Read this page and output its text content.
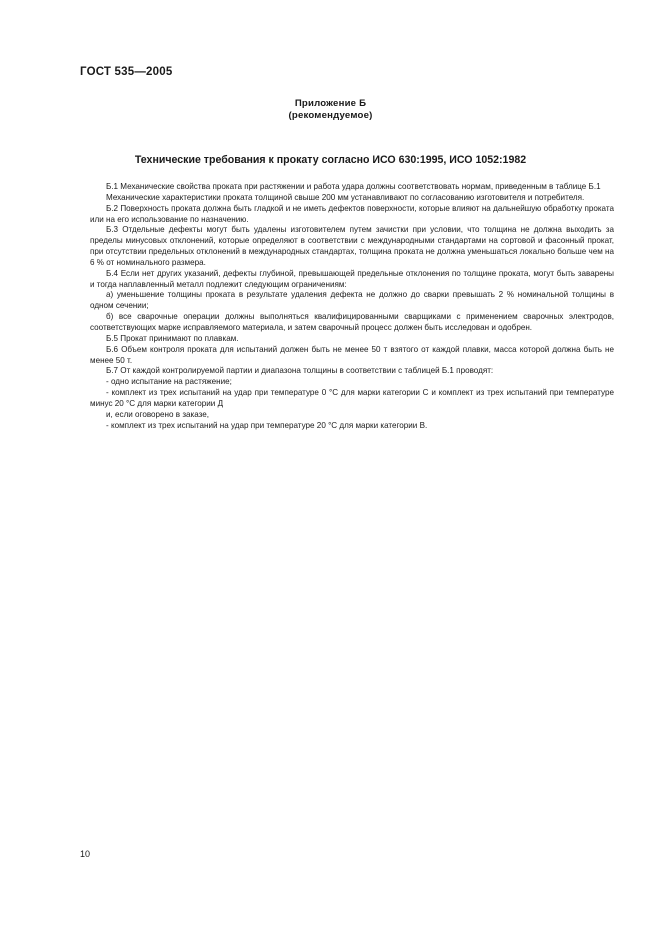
ГОСТ 535—2005
Приложение Б
(рекомендуемое)
Технические требования к прокату согласно ИСО 630:1995, ИСО 1052:1982

Б.1 Механические свойства проката при растяжении и работа удара должны соответствовать нормам, приведенным в таблице Б.1

Механические характеристики проката толщиной свыше 200 мм устанавливают по согласованию изготовителя и потребителя.

Б.2 Поверхность проката должна быть гладкой и не иметь дефектов поверхности, которые влияют на дальнейшую обработку проката или на его использование по назначению.

Б.3 Отдельные дефекты могут быть удалены изготовителем путем зачистки при условии, что толщина не должна выходить за пределы минусовых отклонений, которые определяют в соответствии с международными стандартами на сортовой и фасонный прокат, при отсутствии предельных отклонений в международных стандартах, толщина проката не должна уменьшаться локально больше чем на 6 % от номинального размера.

Б.4 Если нет других указаний, дефекты глубиной, превышающей предельные отклонения по толщине проката, могут быть заварены и тогда наплавленный металл подлежит следующим ограничениям:

а) уменьшение толщины проката в результате удаления дефекта не должно до сварки превышать 2 % номинальной толщины в одном сечении;

б) все сварочные операции должны выполняться квалифицированными сварщиками с применением сварочных электродов, соответствующих марке исправляемого материала, и затем сварочный процесс должен быть исследован и одобрен.

Б.5 Прокат принимают по плавкам.

Б.6 Объем контроля проката для испытаний должен быть не менее 50 т взятого от каждой плавки, масса которой должна быть не менее 50 т.

Б.7 От каждой контролируемой партии и диапазона толщины в соответствии с таблицей Б.1 проводят:

- одно испытание на растяжение;

- комплект из трех испытаний на удар при температуре 0 °С для марки категории С и комплект из трех испытаний при температуре минус 20 °С для марки категории Д

и, если оговорено в заказе,

- комплект из трех испытаний на удар при температуре 20 °С для марки категории В.

10
